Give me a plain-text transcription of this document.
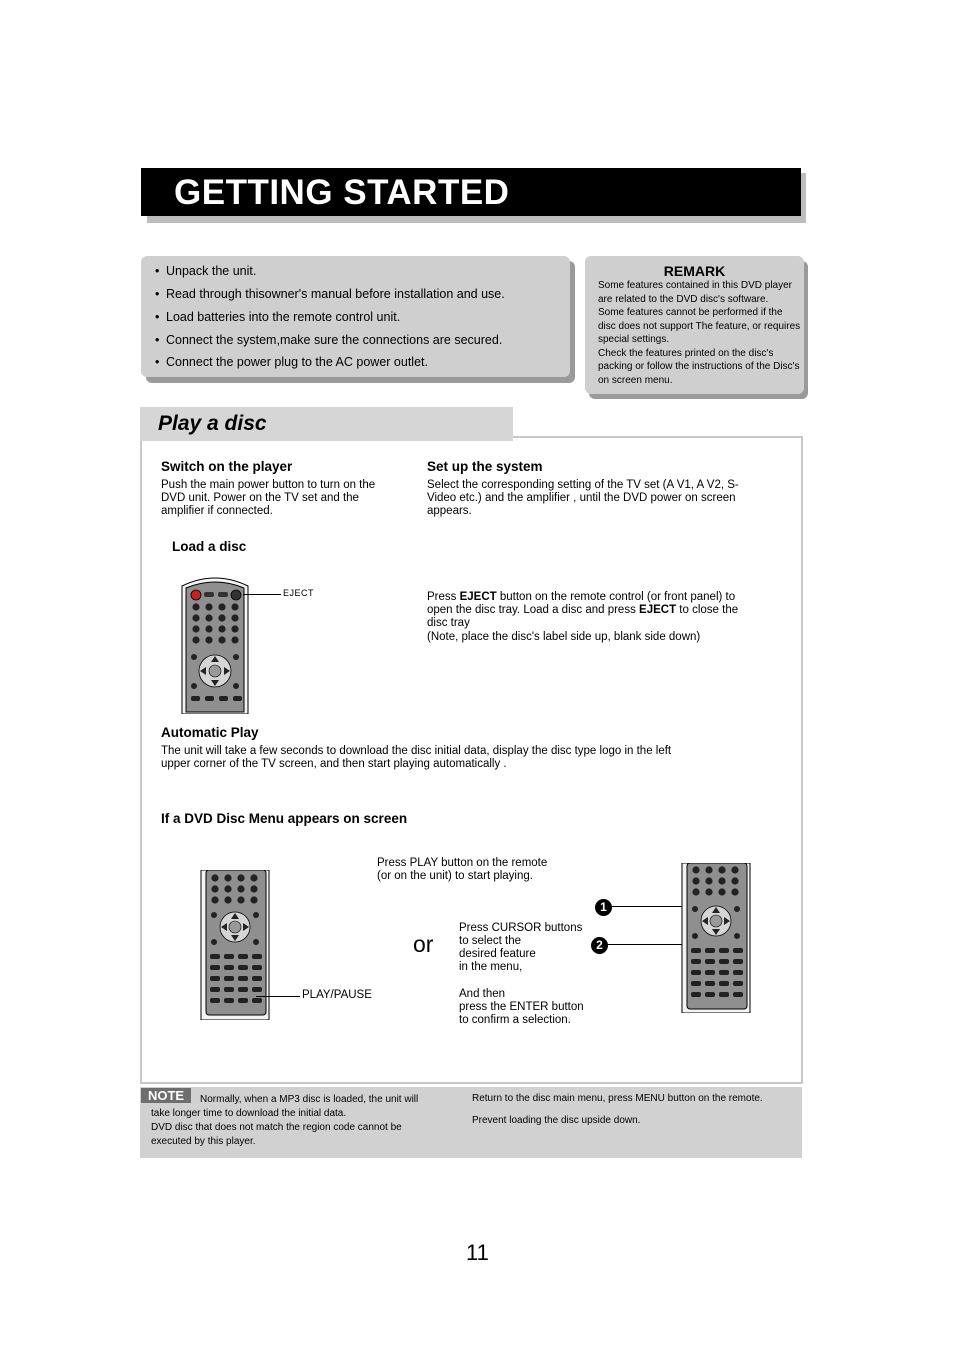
GETTING STARTED
• Unpack the unit.
• Read through thisowner's manual before installation and use.
• Load batteries into the remote control unit.
• Connect the system,make sure the connections are secured.
• Connect the power plug to the AC power outlet.
REMARK
Some features contained in this DVD player
are related to the DVD disc's software.
Some features cannot be performed if the
disc does not support The feature, or requires
special settings.
Check the features printed on the disc's
packing or follow the instructions of the Disc's
on screen menu.
Play a disc
Switch on the player
Push the main power button to turn on the
DVD unit. Power on the TV set and the
amplifier if connected.
Set up the system
Select the corresponding setting of the TV set (A V1, A V2, S-
Video etc.) and the amplifier , until the DVD power on screen
appears.
Load a disc
EJECT	Press EJECT button on the remote control (or front panel) to
open the disc tray. Load a disc and press EJECT to close the
disc tray
(Note, place the disc's label side up, blank side down)
Automatic Play
The unit will take a few seconds to download the disc initial data, display the disc type logo in the left
upper corner of the TV screen, and then start playing automatically .
If a DVD Disc Menu appears on screen
PLAY/PAUSE
Press PLAY button on the remote
(or on the unit) to start playing.
or
Press CURSOR buttons
to select the
desired feature
in the menu,
And then
press the ENTER button
to confirm a selection.
1
2
NOTE	Normally, when a MP3 disc is loaded, the unit will
take longer time to download the initial data.
DVD disc that does not match the region code cannot be
executed by this player.
Return to the disc main menu, press MENU button on the remote.
Prevent loading the disc upside down.
11
